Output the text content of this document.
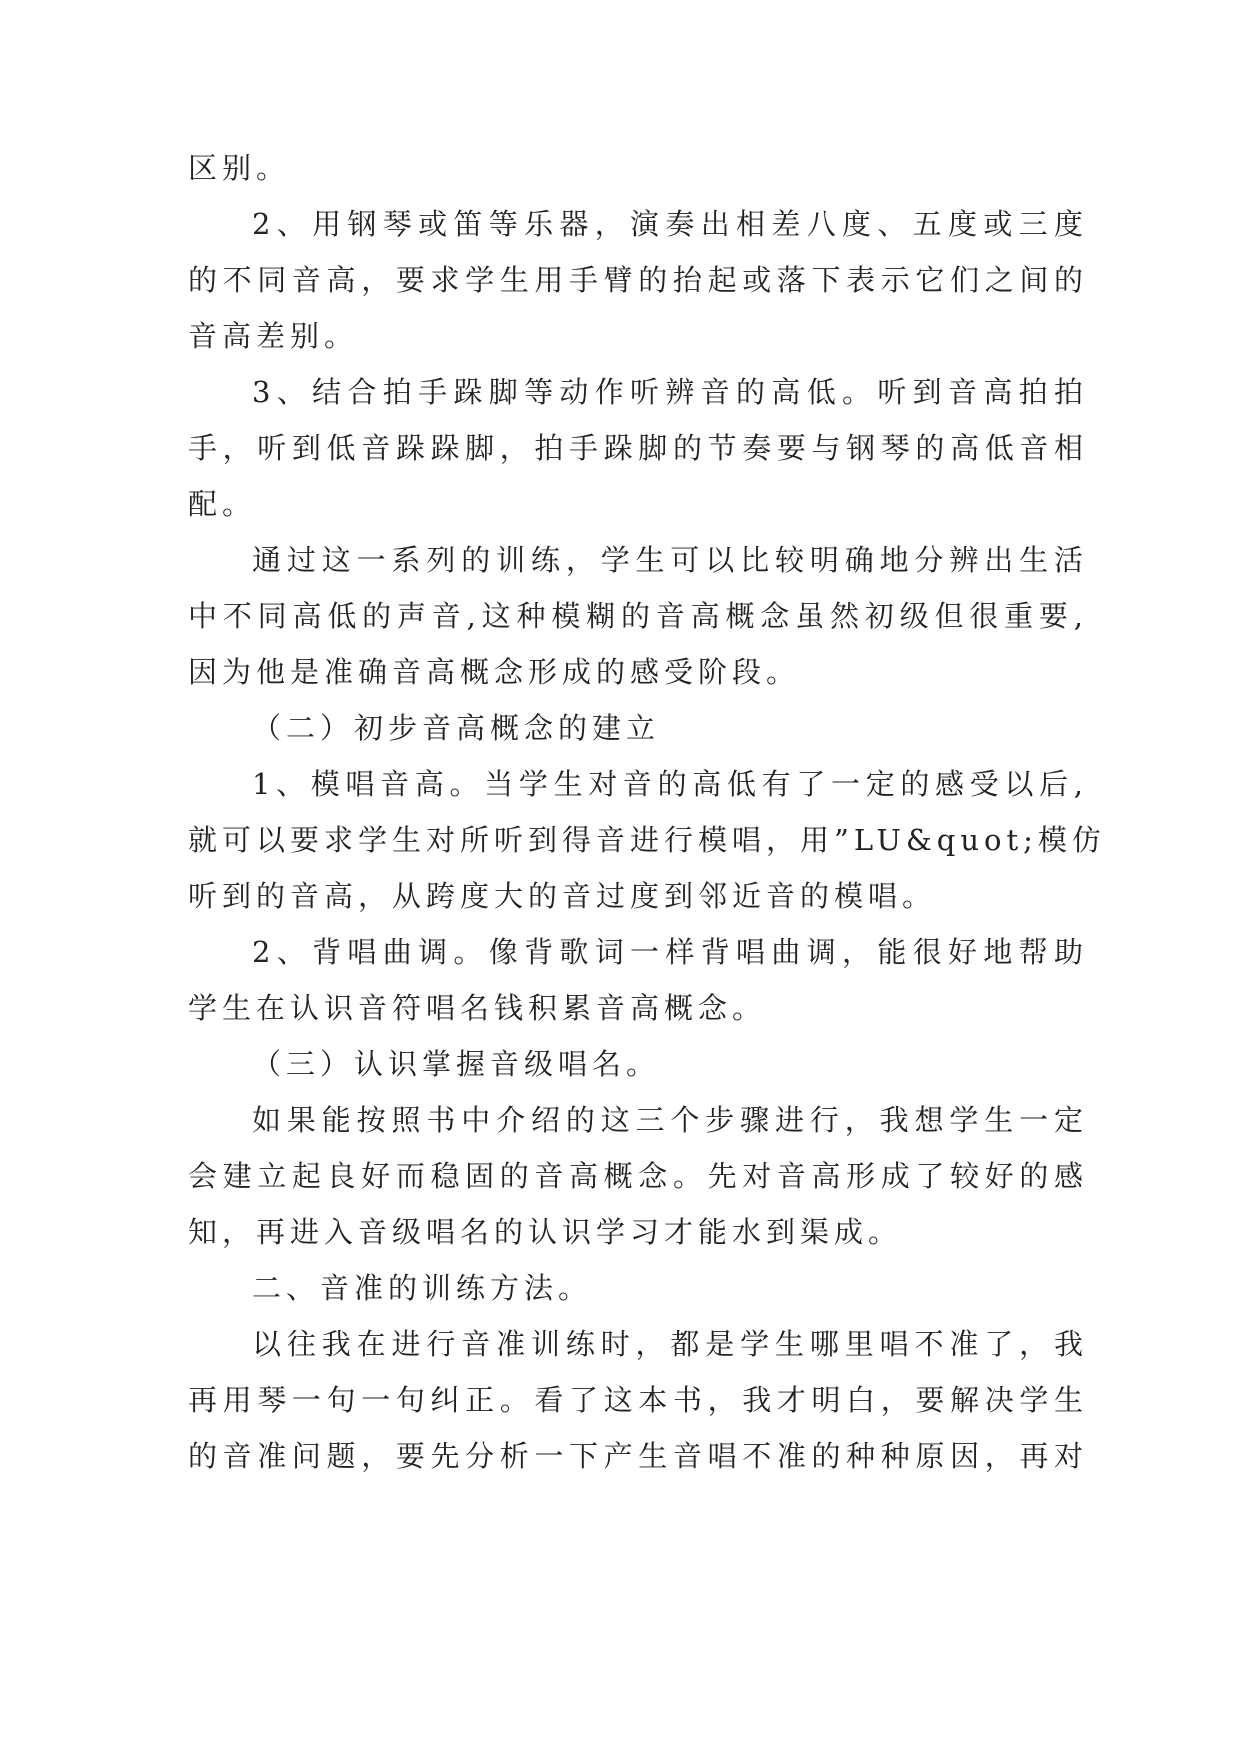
区别。
2、用钢琴或笛等乐器，演奏出相差八度、五度或三度
的不同音高，要求学生用手臂的抬起或落下表示它们之间的
音高差别。
3、结合拍手跺脚等动作听辨音的高低。听到音高拍拍
手，听到低音跺跺脚，拍手跺脚的节奏要与钢琴的高低音相
配。
通过这一系列的训练，学生可以比较明确地分辨出生活
中不同高低的声音,这种模糊的音高概念虽然初级但很重要,
因为他是准确音高概念形成的感受阶段。
（二）初步音高概念的建立
1、模唱音高。当学生对音的高低有了一定的感受以后,
就可以要求学生对所听到得音进行模唱，用”LU&quot;模仿
听到的音高，从跨度大的音过度到邻近音的模唱。
2、背唱曲调。像背歌词一样背唱曲调，能很好地帮助
学生在认识音符唱名钱积累音高概念。
（三）认识掌握音级唱名。
如果能按照书中介绍的这三个步骤进行，我想学生一定
会建立起良好而稳固的音高概念。先对音高形成了较好的感
知，再进入音级唱名的认识学习才能水到渠成。
二、音准的训练方法。
以往我在进行音准训练时，都是学生哪里唱不准了，我
再用琴一句一句纠正。看了这本书，我才明白，要解决学生
的音准问题，要先分析一下产生音唱不准的种种原因，再对
